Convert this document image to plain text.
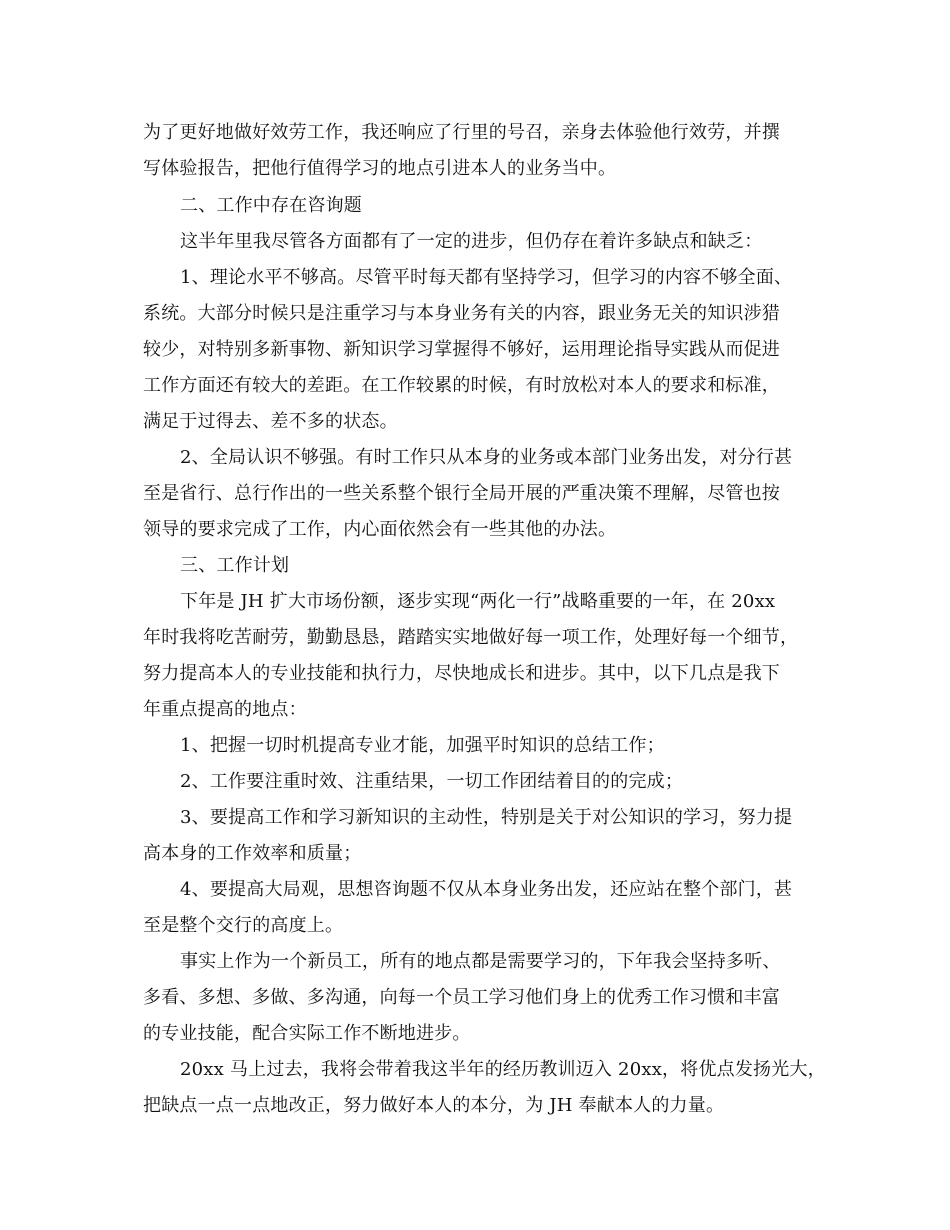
为了更好地做好效劳工作，我还响应了行里的号召，亲身去体验他行效劳，并撰
写体验报告，把他行值得学习的地点引进本人的业务当中。
二、工作中存在咨询题
这半年里我尽管各方面都有了一定的进步，但仍存在着许多缺点和缺乏：
1、理论水平不够高。尽管平时每天都有坚持学习，但学习的内容不够全面、
系统。大部分时候只是注重学习与本身业务有关的内容，跟业务无关的知识涉猎
较少，对特别多新事物、新知识学习掌握得不够好，运用理论指导实践从而促进
工作方面还有较大的差距。在工作较累的时候，有时放松对本人的要求和标准，
满足于过得去、差不多的状态。
2、全局认识不够强。有时工作只从本身的业务或本部门业务出发，对分行甚
至是省行、总行作出的一些关系整个银行全局开展的严重决策不理解，尽管也按
领导的要求完成了工作，内心面依然会有一些其他的办法。
三、工作计划
下年是 JH 扩大市场份额，逐步实现“两化一行”战略重要的一年，在 20xx
年时我将吃苦耐劳，勤勤恳恳，踏踏实实地做好每一项工作，处理好每一个细节，
努力提高本人的专业技能和执行力，尽快地成长和进步。其中，以下几点是我下
年重点提高的地点：
1、把握一切时机提高专业才能，加强平时知识的总结工作；
2、工作要注重时效、注重结果，一切工作团结着目的的完成；
3、要提高工作和学习新知识的主动性，特别是关于对公知识的学习，努力提
高本身的工作效率和质量；
4、要提高大局观，思想咨询题不仅从本身业务出发，还应站在整个部门，甚
至是整个交行的高度上。
事实上作为一个新员工，所有的地点都是需要学习的，下年我会坚持多听、
多看、多想、多做、多沟通，向每一个员工学习他们身上的优秀工作习惯和丰富
的专业技能，配合实际工作不断地进步。
20xx 马上过去，我将会带着我这半年的经历教训迈入 20xx，将优点发扬光大，
把缺点一点一点地改正，努力做好本人的本分，为 JH 奉献本人的力量。
